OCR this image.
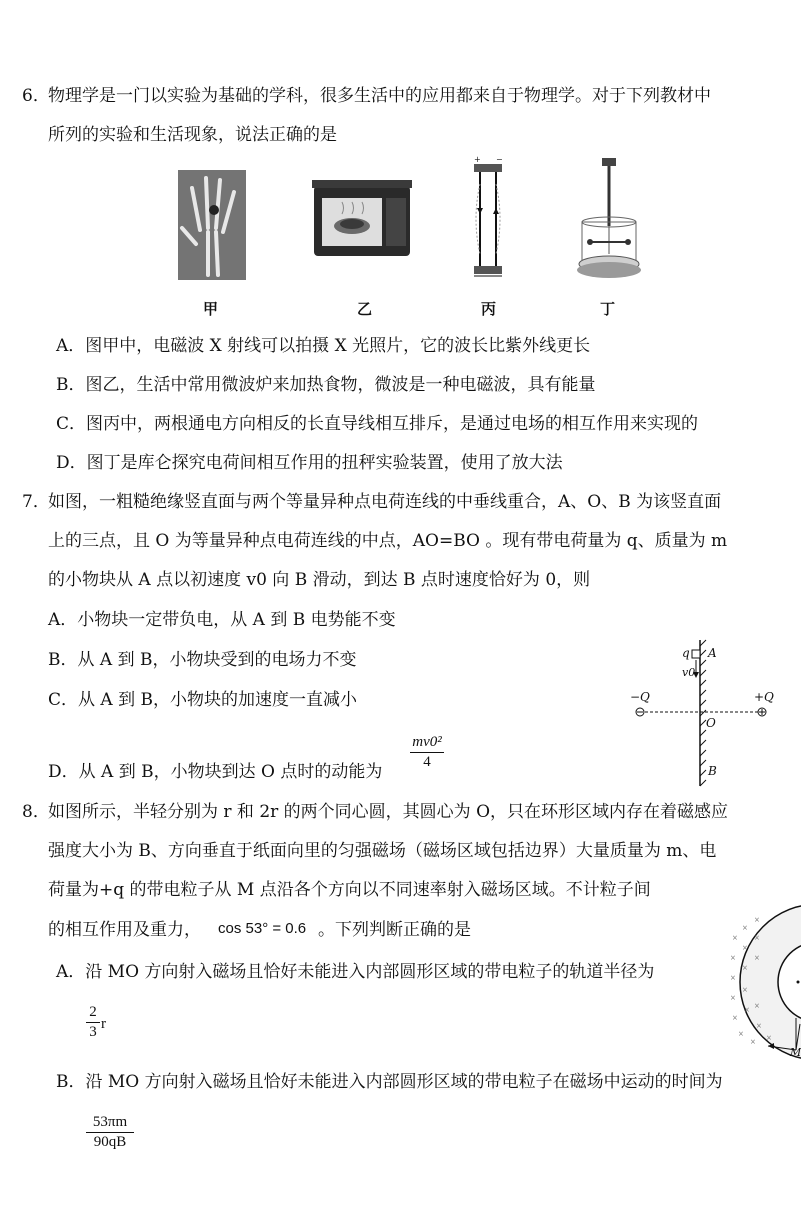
6．
物理学是一门以实验为基础的学科，很多生活中的应用都来自于物理学。对于下列教材中
所列的实验和生活现象，说法正确的是
+ −
甲	乙	丙	丁
A．图甲中，电磁波 X 射线可以拍摄 X 光照片，它的波长比紫外线更长
B．图乙，生活中常用微波炉来加热食物，微波是一种电磁波，具有能量
C．图丙中，两根通电方向相反的长直导线相互排斥，是通过电场的相互作用来实现的
D．图丁是库仑探究电荷间相互作用的扭秤实验装置，使用了放大法
7．
如图，一粗糙绝缘竖直面与两个等量异种点电荷连线的中垂线重合，A、O、B 为该竖直面
上的三点，且 O 为等量异种点电荷连线的中点，AO=BO 。现有带电荷量为 q、质量为 m
的小物块从 A 点以初速度 v0 向 B 滑动，到达 B 点时速度恰好为 0，则
A．小物块一定带负电，从 A 到 B 电势能不变
B．从 A 到 B，小物块受到的电场力不变
C．从 A 到 B，小物块的加速度一直减小
D．从 A 到 B，小物块到达 O 点时的动能为
mv0²
4
q A
v0
−Q	+Q
O
B
8．
如图所示，半轻分别为 r 和 2r 的两个同心圆，其圆心为 O，只在环形区域内存在着磁感应
强度大小为 B、方向垂直于纸面向里的匀强磁场（磁场区域包括边界）大量质量为 m、电
荷量为+q 的带电粒子从 M 点沿各个方向以不同速率射入磁场区域。不计粒子间
的相互作用及重力， cos 53° = 0.6 。下列判断正确的是
A．沿 MO 方向射入磁场且恰好未能进入内部圆形区域的带电粒子的轨道半径为
2
3 r
B．沿 MO 方向射入磁场且恰好未能进入内部圆形区域的带电粒子在磁场中运动的时间为
53πm
90qB
×
×
×
×
×
×
×
×
×
×
×
×
×
×
×
×
× ×
M
